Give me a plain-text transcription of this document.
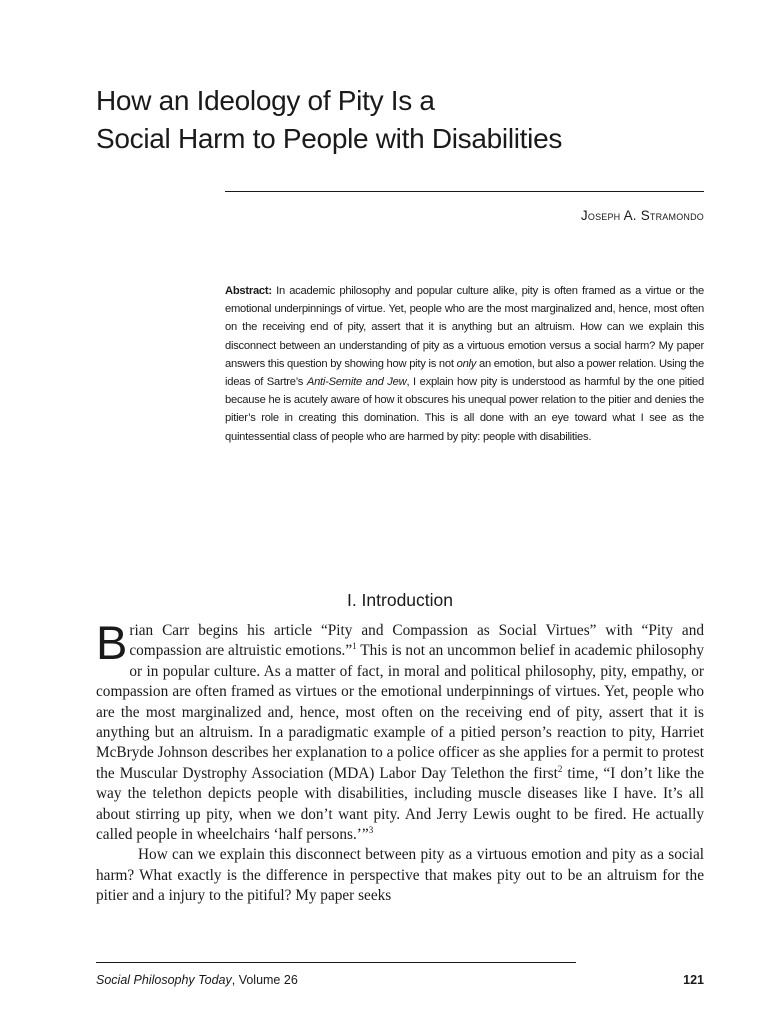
How an Ideology of Pity Is a
Social Harm to People with Disabilities
Joseph A. Stramondo
Abstract: In academic philosophy and popular culture alike, pity is often framed as a virtue or the emotional underpinnings of virtue. Yet, people who are the most marginalized and, hence, most often on the receiving end of pity, assert that it is anything but an altruism. How can we explain this disconnect between an understanding of pity as a virtuous emotion versus a social harm? My paper answers this question by showing how pity is not only an emotion, but also a power relation. Using the ideas of Sartre’s Anti-Semite and Jew, I explain how pity is understood as harmful by the one pitied because he is acutely aware of how it obscures his unequal power relation to the pitier and denies the pitier’s role in creating this domination. This is all done with an eye toward what I see as the quintessential class of people who are harmed by pity: people with disabilities.
I. Introduction

Brian Carr begins his article “Pity and Compassion as Social Virtues” with “Pity and compassion are altruistic emotions.”$^1$ This is not an uncommon belief in academic philosophy or in popular culture. As a matter of fact, in moral and political philosophy, pity, empathy, or compassion are often framed as virtues or the emotional underpinnings of virtues. Yet, people who are the most marginalized and, hence, most often on the receiving end of pity, assert that it is anything but an altruism. In a paradigmatic example of a pitied person’s reaction to pity, Harriet McBryde Johnson describes her explanation to a police officer as she applies for a permit to protest the Muscular Dystrophy Association (MDA) Labor Day Telethon the first$^2$ time, “I don’t like the way the telethon depicts people with disabilities, including muscle diseases like I have. It’s all about stirring up pity, when we don’t want pity. And Jerry Lewis ought to be fired. He actually called people in wheelchairs ‘half persons.’”$^3$

How can we explain this disconnect between pity as a virtuous emotion and pity as a social harm? What exactly is the difference in perspective that makes pity out to be an altruism for the pitier and a injury to the pitiful? My paper seeks

Social Philosophy Today, Volume 26	121
